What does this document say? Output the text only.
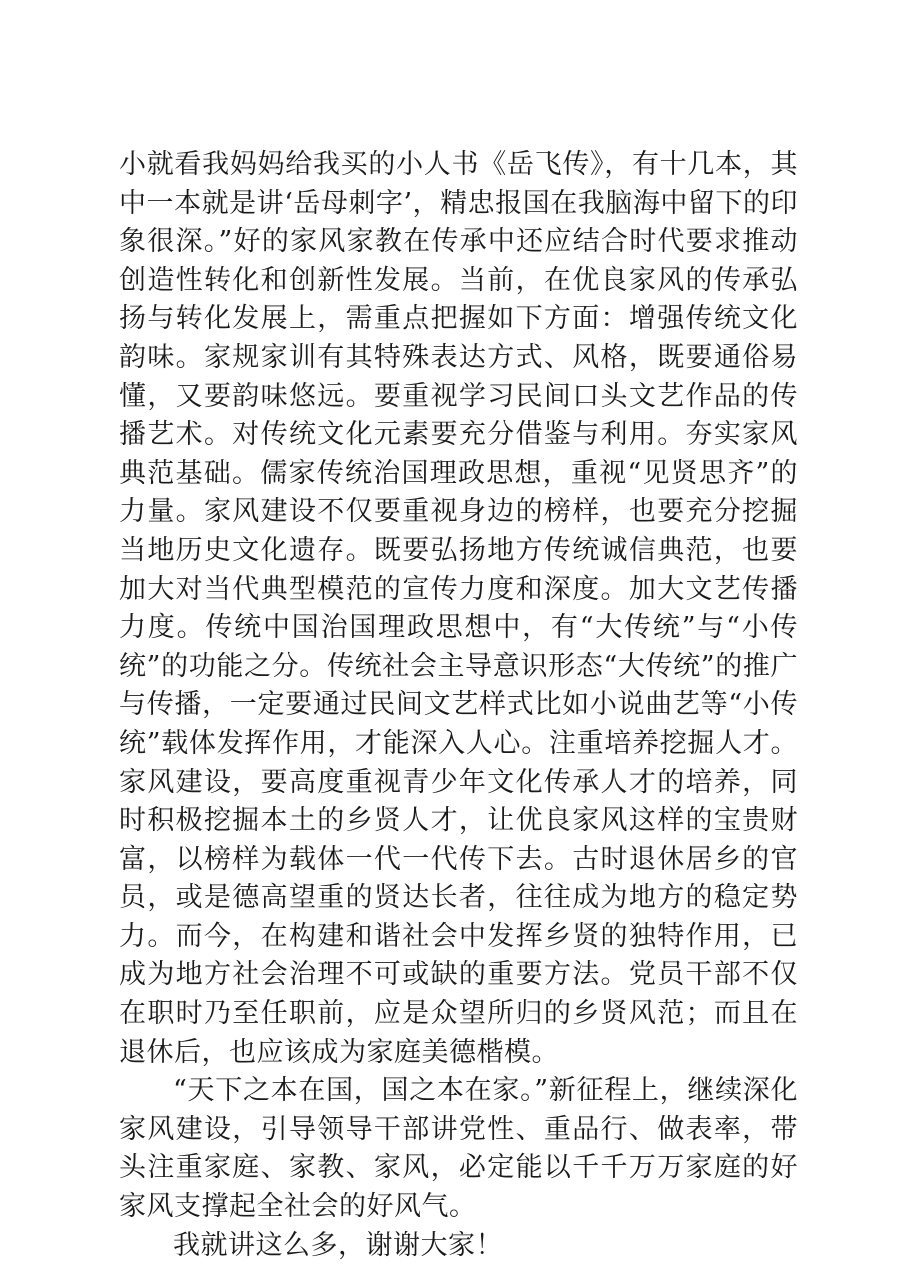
小就看我妈妈给我买的小人书《岳飞传》，有十几本，其中一本就是讲‘岳母刺字’，精忠报国在我脑海中留下的印象很深。”好的家风家教在传承中还应结合时代要求推动创造性转化和创新性发展。当前，在优良家风的传承弘扬与转化发展上，需重点把握如下方面：增强传统文化韵味。家规家训有其特殊表达方式、风格，既要通俗易懂，又要韵味悠远。要重视学习民间口头文艺作品的传播艺术。对传统文化元素要充分借鉴与利用。夯实家风典范基础。儒家传统治国理政思想，重视“见贤思齐”的力量。家风建设不仅要重视身边的榜样，也要充分挖掘当地历史文化遗存。既要弘扬地方传统诚信典范，也要加大对当代典型模范的宣传力度和深度。加大文艺传播力度。传统中国治国理政思想中，有“大传统”与“小传统”的功能之分。传统社会主导意识形态“大传统”的推广与传播，一定要通过民间文艺样式比如小说曲艺等“小传统”载体发挥作用，才能深入人心。注重培养挖掘人才。家风建设，要高度重视青少年文化传承人才的培养，同时积极挖掘本土的乡贤人才，让优良家风这样的宝贵财富，以榜样为载体一代一代传下去。古时退休居乡的官员，或是德高望重的贤达长者，往往成为地方的稳定势力。而今，在构建和谐社会中发挥乡贤的独特作用，已成为地方社会治理不可或缺的重要方法。党员干部不仅在职时乃至任职前，应是众望所归的乡贤风范；而且在退休后，也应该成为家庭美德楷模。

“天下之本在国，国之本在家。”新征程上，继续深化家风建设，引导领导干部讲党性、重品行、做表率，带头注重家庭、家教、家风，必定能以千千万万家庭的好家风支撑起全社会的好风气。

我就讲这么多，谢谢大家！
